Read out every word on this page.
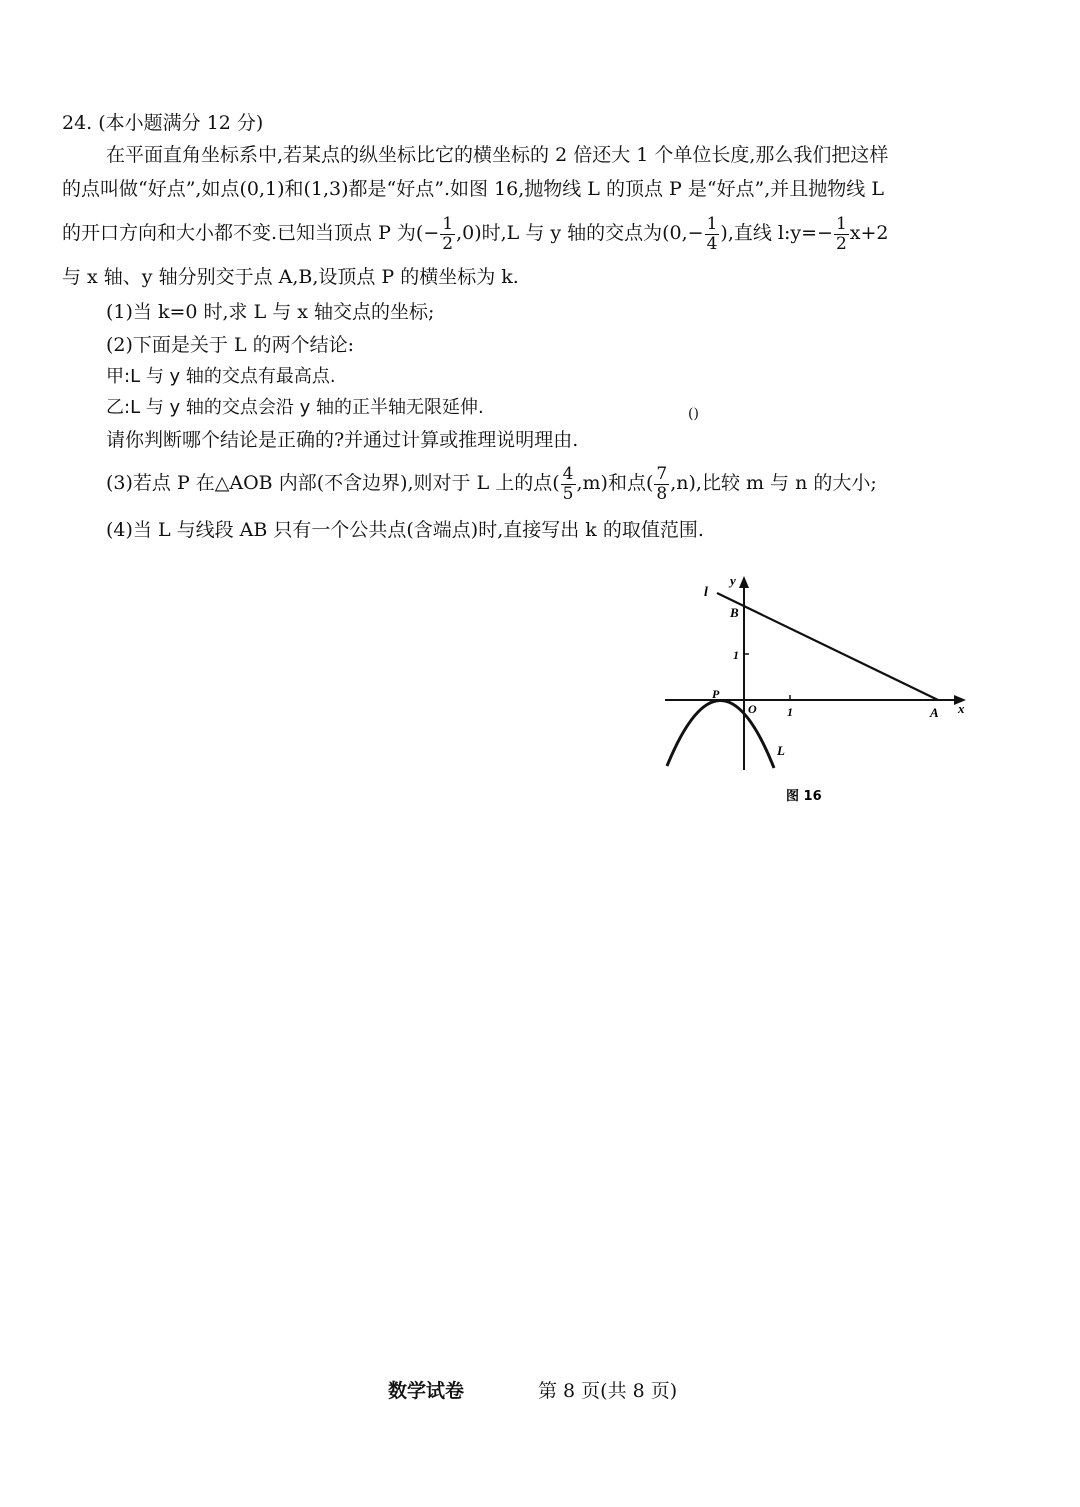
24. (本小题满分 12 分)
在平面直角坐标系中,若某点的纵坐标比它的横坐标的 2 倍还大 1 个单位长度,那么我们把这样
的点叫做“好点”,如点(0,1)和(1,3)都是“好点”.如图 16,抛物线 L 的顶点 P 是“好点”,并且抛物线 L
的开口方向和大小都不变.已知当顶点 P 为(− $\frac{1}{2} ,0$)时,L 与 y 轴的交点为($0,- \frac{1}{4}$ ),直线 l:y=− $\frac{1}{2} x+2$
与 x 轴、y 轴分别交于点 A,B,设顶点 P 的横坐标为 k.
(1)当 k=0 时,求 L 与 x 轴交点的坐标;
(2)下面是关于 L 的两个结论:
甲:L 与 y 轴的交点有最高点.
乙:L 与 y 轴的交点会沿 y 轴的正半轴无限延伸.	()
请你判断哪个结论是正确的?并通过计算或推理说明理由.
(3)若点 P 在△AOB 内部(不含边界),则对于 L 上的点( $\frac{4}{5} ,m$)和点( $\frac{7}{8} ,n$),比较 m 与 n 的大小;
(4)当 L 与线段 AB 只有一个公共点(含端点)时,直接写出 k 的取值范围.
l
y
x
B
1
P
O	1	A
L
图 16
数学试卷	第 8 页(共 8 页)
